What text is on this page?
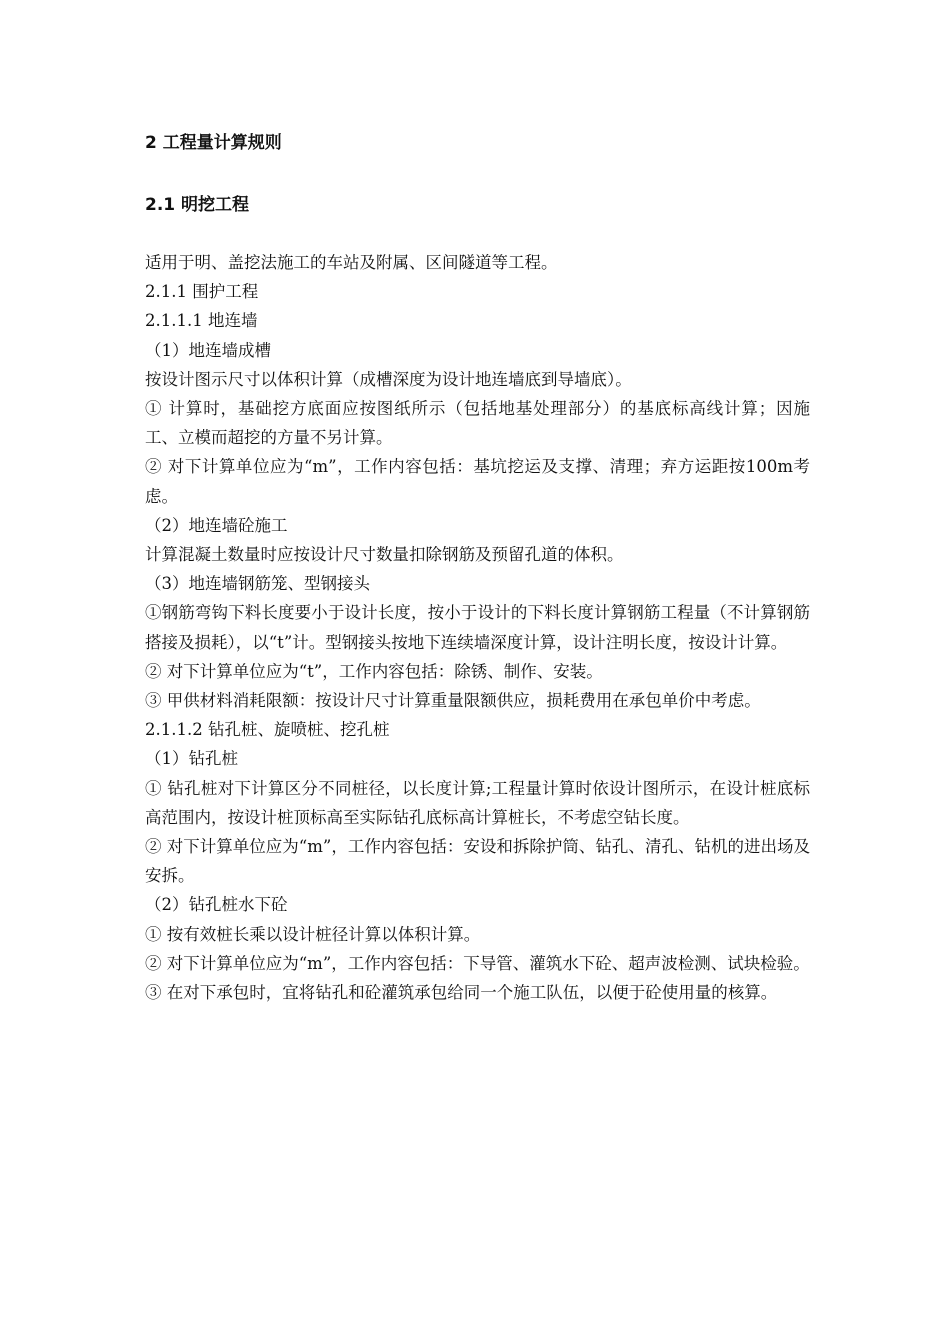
2 工程量计算规则
2.1 明挖工程

适用于明、盖挖法施工的车站及附属、区间隧道等工程。

2.1.1 围护工程

2.1.1.1 地连墙

（1）地连墙成槽

按设计图示尺寸以体积计算（成槽深度为设计地连墙底到导墙底）。

① 计算时，基础挖方底面应按图纸所示（包括地基处理部分）的基底标高线计算；因施工、立模而超挖的方量不另计算。

② 对下计算单位应为“m”，工作内容包括：基坑挖运及支撑、清理；弃方运距按100m考虑。

（2）地连墙砼施工

计算混凝土数量时应按设计尺寸数量扣除钢筋及预留孔道的体积。

（3）地连墙钢筋笼、型钢接头

①钢筋弯钩下料长度要小于设计长度，按小于设计的下料长度计算钢筋工程量（不计算钢筋搭接及损耗），以“t”计。型钢接头按地下连续墙深度计算，设计注明长度，按设计计算。

② 对下计算单位应为“t”，工作内容包括：除锈、制作、安装。

③ 甲供材料消耗限额：按设计尺寸计算重量限额供应，损耗费用在承包单价中考虑。

2.1.1.2 钻孔桩、旋喷桩、挖孔桩

（1）钻孔桩

① 钻孔桩对下计算区分不同桩径，以长度计算;工程量计算时依设计图所示，在设计桩底标高范围内，按设计桩顶标高至实际钻孔底标高计算桩长，不考虑空钻长度。

② 对下计算单位应为“m”，工作内容包括：安设和拆除护筒、钻孔、清孔、钻机的进出场及安拆。

（2）钻孔桩水下砼

① 按有效桩长乘以设计桩径计算以体积计算。

② 对下计算单位应为“m”，工作内容包括：下导管、灌筑水下砼、超声波检测、试块检验。

③ 在对下承包时，宜将钻孔和砼灌筑承包给同一个施工队伍，以便于砼使用量的核算。
